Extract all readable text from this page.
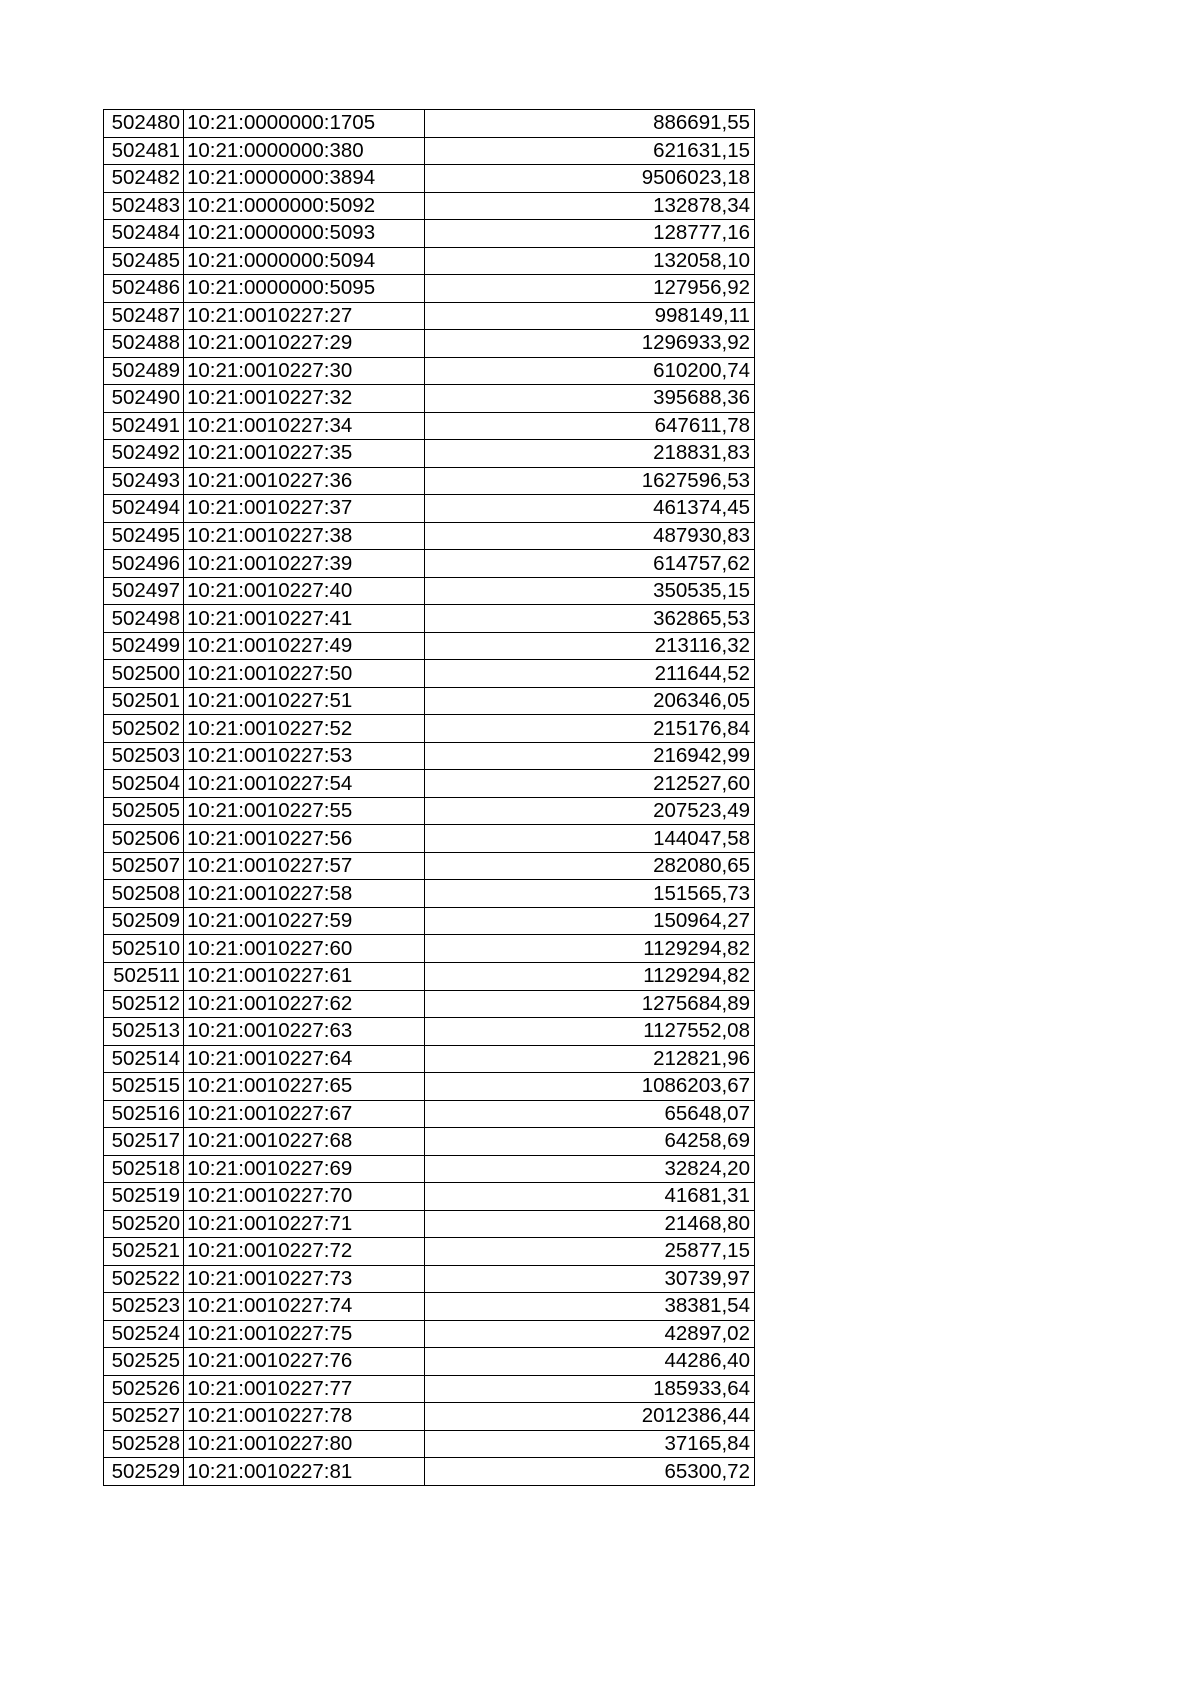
502480	10:21:0000000:1705	886691,55
502481	10:21:0000000:380	621631,15
502482	10:21:0000000:3894	9506023,18
502483	10:21:0000000:5092	132878,34
502484	10:21:0000000:5093	128777,16
502485	10:21:0000000:5094	132058,10
502486	10:21:0000000:5095	127956,92
502487	10:21:0010227:27	998149,11
502488	10:21:0010227:29	1296933,92
502489	10:21:0010227:30	610200,74
502490	10:21:0010227:32	395688,36
502491	10:21:0010227:34	647611,78
502492	10:21:0010227:35	218831,83
502493	10:21:0010227:36	1627596,53
502494	10:21:0010227:37	461374,45
502495	10:21:0010227:38	487930,83
502496	10:21:0010227:39	614757,62
502497	10:21:0010227:40	350535,15
502498	10:21:0010227:41	362865,53
502499	10:21:0010227:49	213116,32
502500	10:21:0010227:50	211644,52
502501	10:21:0010227:51	206346,05
502502	10:21:0010227:52	215176,84
502503	10:21:0010227:53	216942,99
502504	10:21:0010227:54	212527,60
502505	10:21:0010227:55	207523,49
502506	10:21:0010227:56	144047,58
502507	10:21:0010227:57	282080,65
502508	10:21:0010227:58	151565,73
502509	10:21:0010227:59	150964,27
502510	10:21:0010227:60	1129294,82
502511	10:21:0010227:61	1129294,82
502512	10:21:0010227:62	1275684,89
502513	10:21:0010227:63	1127552,08
502514	10:21:0010227:64	212821,96
502515	10:21:0010227:65	1086203,67
502516	10:21:0010227:67	65648,07
502517	10:21:0010227:68	64258,69
502518	10:21:0010227:69	32824,20
502519	10:21:0010227:70	41681,31
502520	10:21:0010227:71	21468,80
502521	10:21:0010227:72	25877,15
502522	10:21:0010227:73	30739,97
502523	10:21:0010227:74	38381,54
502524	10:21:0010227:75	42897,02
502525	10:21:0010227:76	44286,40
502526	10:21:0010227:77	185933,64
502527	10:21:0010227:78	2012386,44
502528	10:21:0010227:80	37165,84
502529	10:21:0010227:81	65300,72
